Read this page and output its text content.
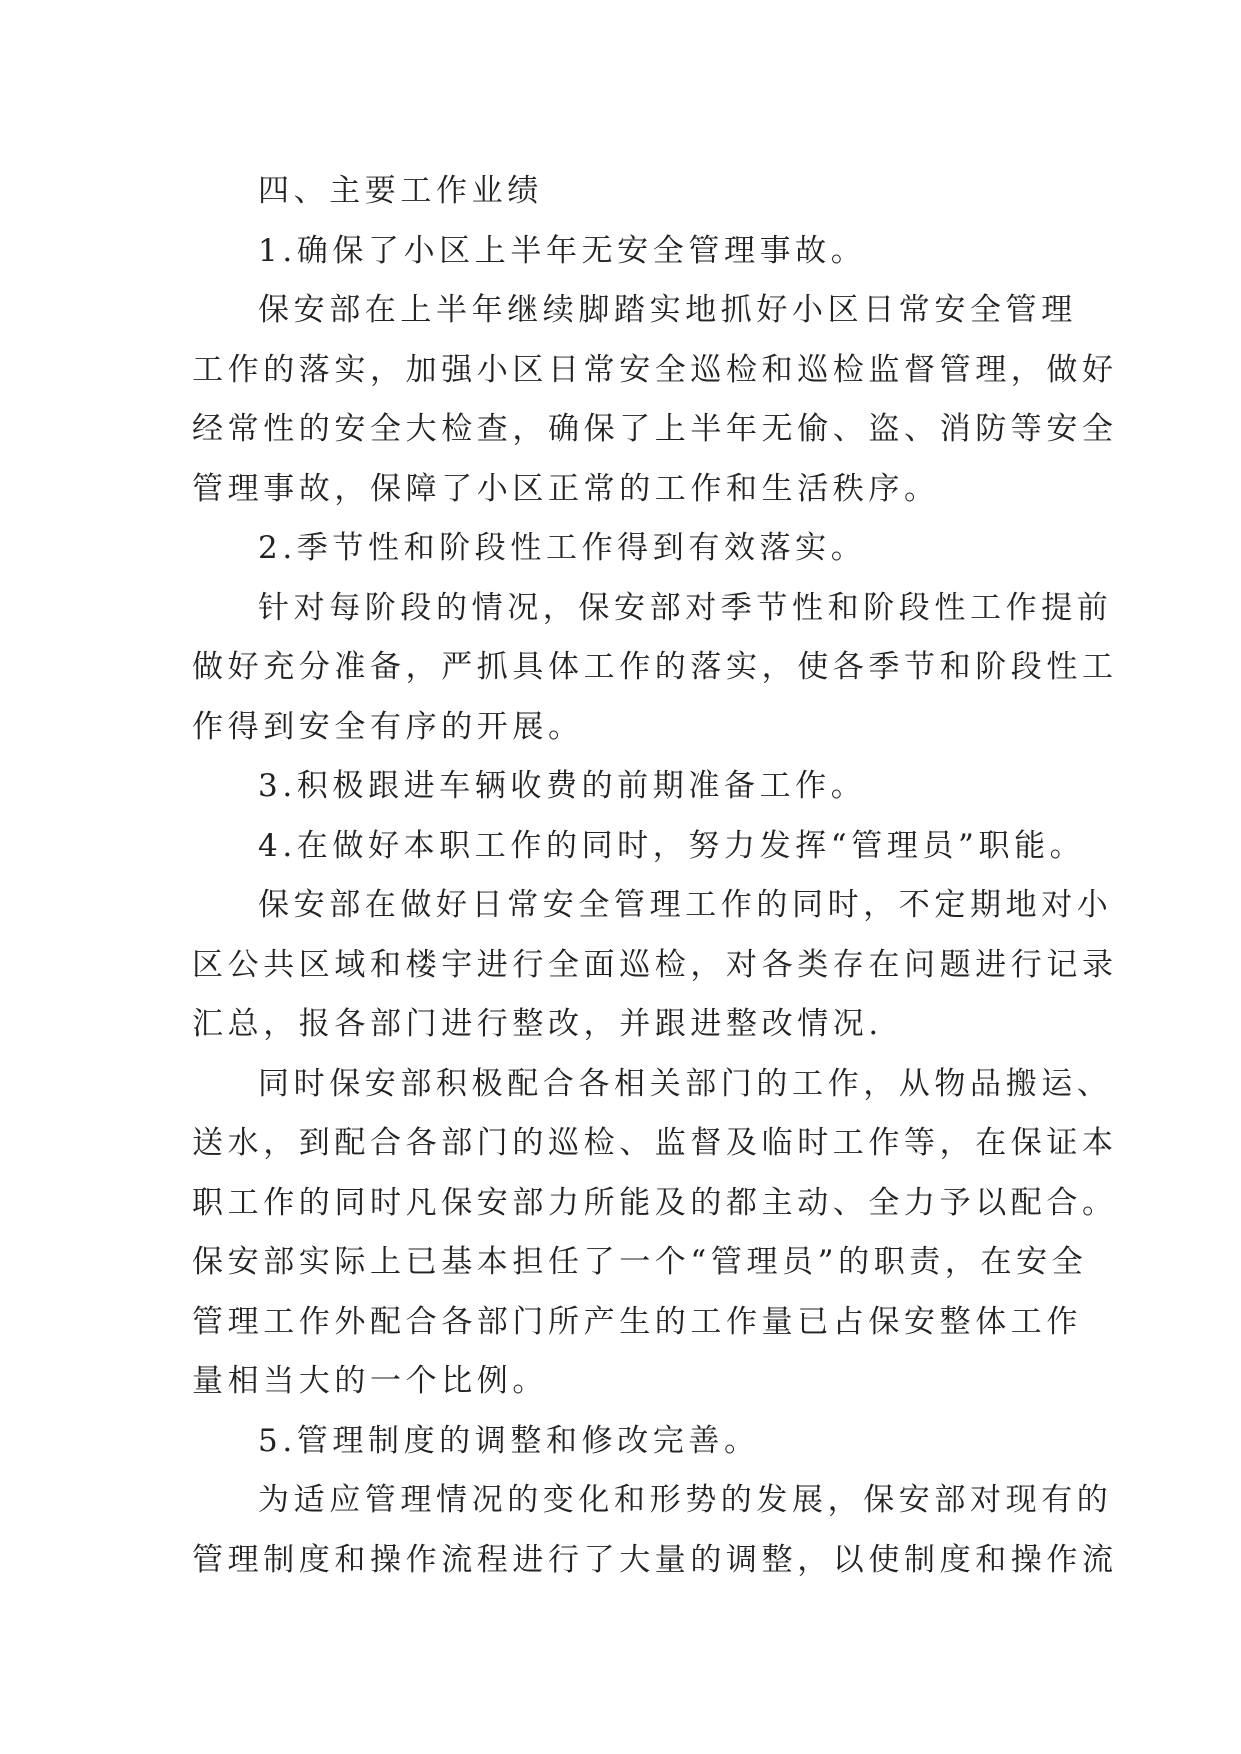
四、主要工作业绩
1.确保了小区上半年无安全管理事故。
保安部在上半年继续脚踏实地抓好小区日常安全管理
工作的落实，加强小区日常安全巡检和巡检监督管理，做好
经常性的安全大检查，确保了上半年无偷、盗、消防等安全
管理事故，保障了小区正常的工作和生活秩序。
2.季节性和阶段性工作得到有效落实。
针对每阶段的情况，保安部对季节性和阶段性工作提前
做好充分准备，严抓具体工作的落实，使各季节和阶段性工
作得到安全有序的开展。
3.积极跟进车辆收费的前期准备工作。
4.在做好本职工作的同时，努力发挥“管理员”职能。
保安部在做好日常安全管理工作的同时，不定期地对小
区公共区域和楼宇进行全面巡检，对各类存在问题进行记录
汇总，报各部门进行整改，并跟进整改情况.
同时保安部积极配合各相关部门的工作，从物品搬运、
送水，到配合各部门的巡检、监督及临时工作等，在保证本
职工作的同时凡保安部力所能及的都主动、全力予以配合。
保安部实际上已基本担任了一个“管理员”的职责，在安全
管理工作外配合各部门所产生的工作量已占保安整体工作
量相当大的一个比例。
5.管理制度的调整和修改完善。
为适应管理情况的变化和形势的发展，保安部对现有的
管理制度和操作流程进行了大量的调整，以使制度和操作流
